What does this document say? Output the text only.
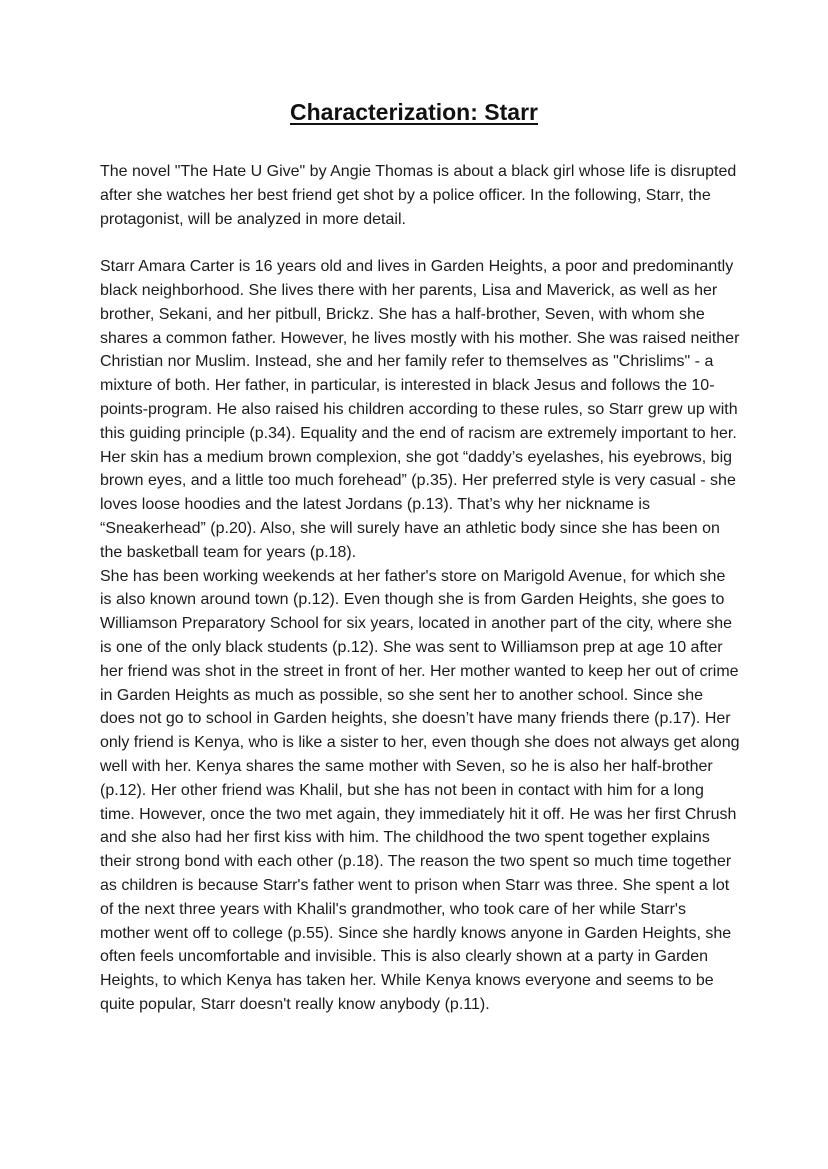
Characterization: Starr

The novel "The Hate U Give" by Angie Thomas is about a black girl whose life is disrupted after she watches her best friend get shot by a police officer. In the following, Starr, the protagonist, will be analyzed in more detail.

Starr Amara Carter is 16 years old and lives in Garden Heights, a poor and predominantly black neighborhood. She lives there with her parents, Lisa and Maverick, as well as her brother, Sekani, and her pitbull, Brickz. She has a half-brother, Seven, with whom she shares a common father. However, he lives mostly with his mother. She was raised neither Christian nor Muslim. Instead, she and her family refer to themselves as "Chrislims" - a mixture of both. Her father, in particular, is interested in black Jesus and follows the 10-points-program. He also raised his children according to these rules, so Starr grew up with this guiding principle (p.34). Equality and the end of racism are extremely important to her. Her skin has a medium brown complexion, she got “daddy’s eyelashes, his eyebrows, big brown eyes, and a little too much forehead” (p.35). Her preferred style is very casual - she loves loose hoodies and the latest Jordans (p.13). That’s why her nickname is “Sneakerhead” (p.20). Also, she will surely have an athletic body since she has been on the basketball team for years (p.18).

She has been working weekends at her father's store on Marigold Avenue, for which she is also known around town (p.12). Even though she is from Garden Heights, she goes to Williamson Preparatory School for six years, located in another part of the city, where she is one of the only black students (p.12). She was sent to Williamson prep at age 10 after her friend was shot in the street in front of her. Her mother wanted to keep her out of crime in Garden Heights as much as possible, so she sent her to another school. Since she does not go to school in Garden heights, she doesn’t have many friends there (p.17). Her only friend is Kenya, who is like a sister to her, even though she does not always get along well with her. Kenya shares the same mother with Seven, so he is also her half-brother (p.12). Her other friend was Khalil, but she has not been in contact with him for a long time. However, once the two met again, they immediately hit it off. He was her first Chrush and she also had her first kiss with him. The childhood the two spent together explains their strong bond with each other (p.18). The reason the two spent so much time together as children is because Starr's father went to prison when Starr was three. She spent a lot of the next three years with Khalil's grandmother, who took care of her while Starr's mother went off to college (p.55). Since she hardly knows anyone in Garden Heights, she often feels uncomfortable and invisible. This is also clearly shown at a party in Garden Heights, to which Kenya has taken her. While Kenya knows everyone and seems to be quite popular, Starr doesn't really know anybody (p.11).
